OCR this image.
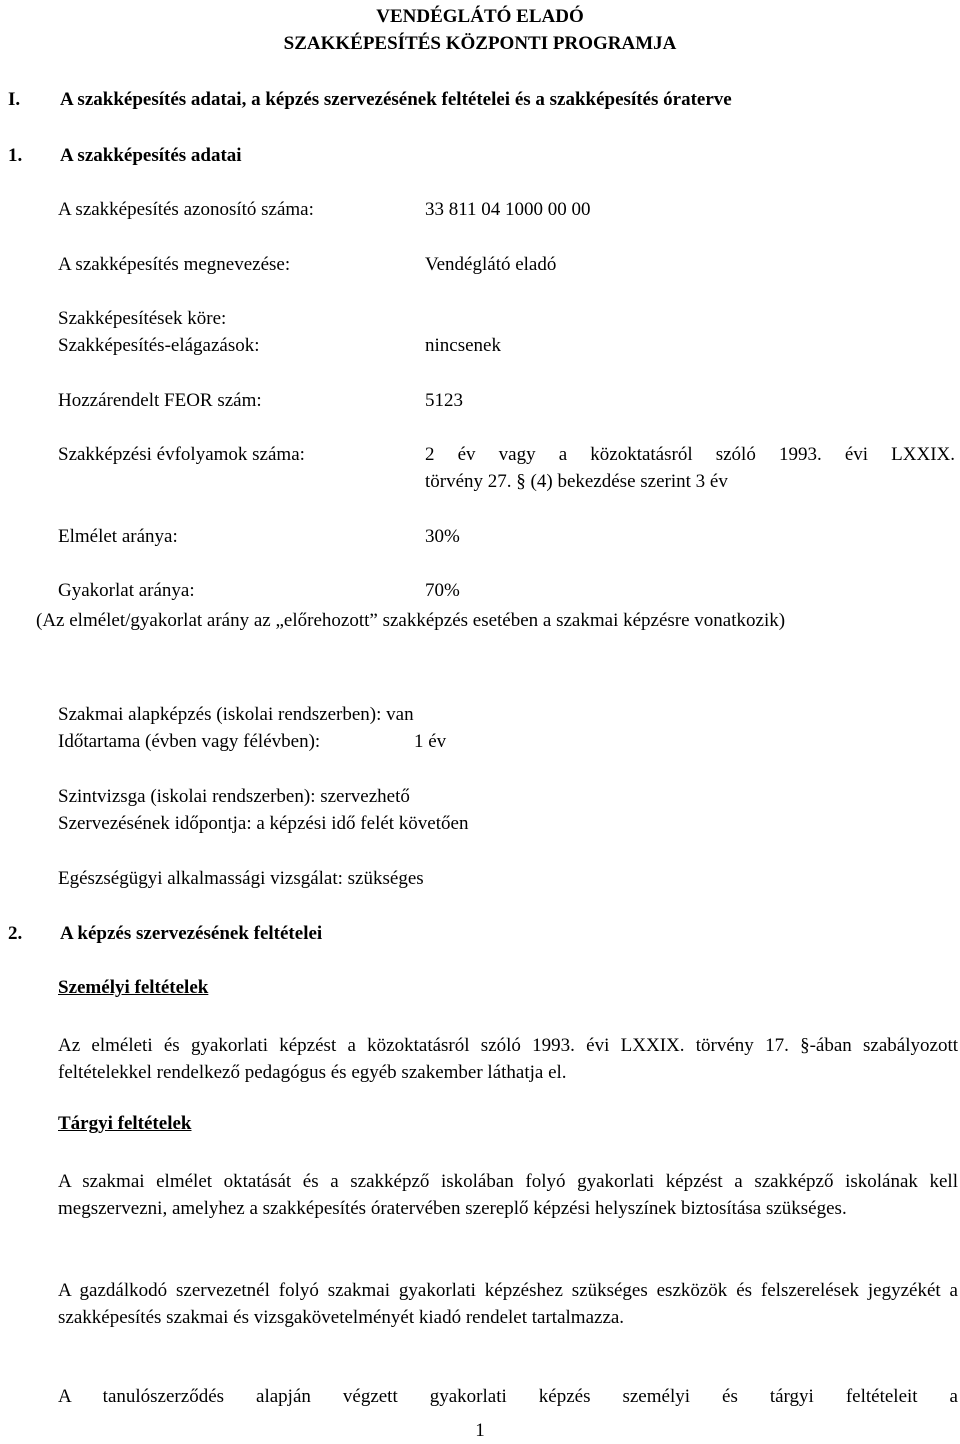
VENDÉGLÁTÓ ELADÓ
SZAKKÉPESÍTÉS KÖZPONTI PROGRAMJA
I. A szakképesítés adatai, a képzés szervezésének feltételei és a szakképesítés óraterve
1. A szakképesítés adatai
A szakképesítés azonosító száma:	33 811 04 1000 00 00
A szakképesítés megnevezése:	Vendéglátó eladó
Szakképesítések köre:
Szakképesítés-elágazások:	nincsenek
Hozzárendelt FEOR szám:	5123
Szakképzési évfolyamok száma:	2 év vagy a közoktatásról szóló 1993. évi LXXIX.
törvény 27. § (4) bekezdése szerint 3 év
Elmélet aránya:	30%
Gyakorlat aránya:	70%
(Az elmélet/gyakorlat arány az „előrehozott” szakképzés esetében a szakmai képzésre vonatkozik)
Szakmai alapképzés (iskolai rendszerben): van
Időtartama (évben vagy félévben):	1 év
Szintvizsga (iskolai rendszerben): szervezhető
Szervezésének időpontja: a képzési idő felét követően
Egészségügyi alkalmassági vizsgálat: szükséges
2. A képzés szervezésének feltételei
Személyi feltételek
Az elméleti és gyakorlati képzést a közoktatásról szóló 1993. évi LXXIX. törvény 17. §-ában szabályozott feltételekkel rendelkező pedagógus és egyéb szakember láthatja el.
Tárgyi feltételek
A szakmai elmélet oktatását és a szakképző iskolában folyó gyakorlati képzést a szakképző iskolának kell megszervezni, amelyhez a szakképesítés óratervében szereplő képzési helyszínek biztosítása szükséges.
A gazdálkodó szervezetnél folyó szakmai gyakorlati képzéshez szükséges eszközök és felszerelések jegyzékét a szakképesítés szakmai és vizsgakövetelményét kiadó rendelet tartalmazza.
A tanulószerződés alapján végzett gyakorlati képzés személyi és tárgyi feltételeit a
1
